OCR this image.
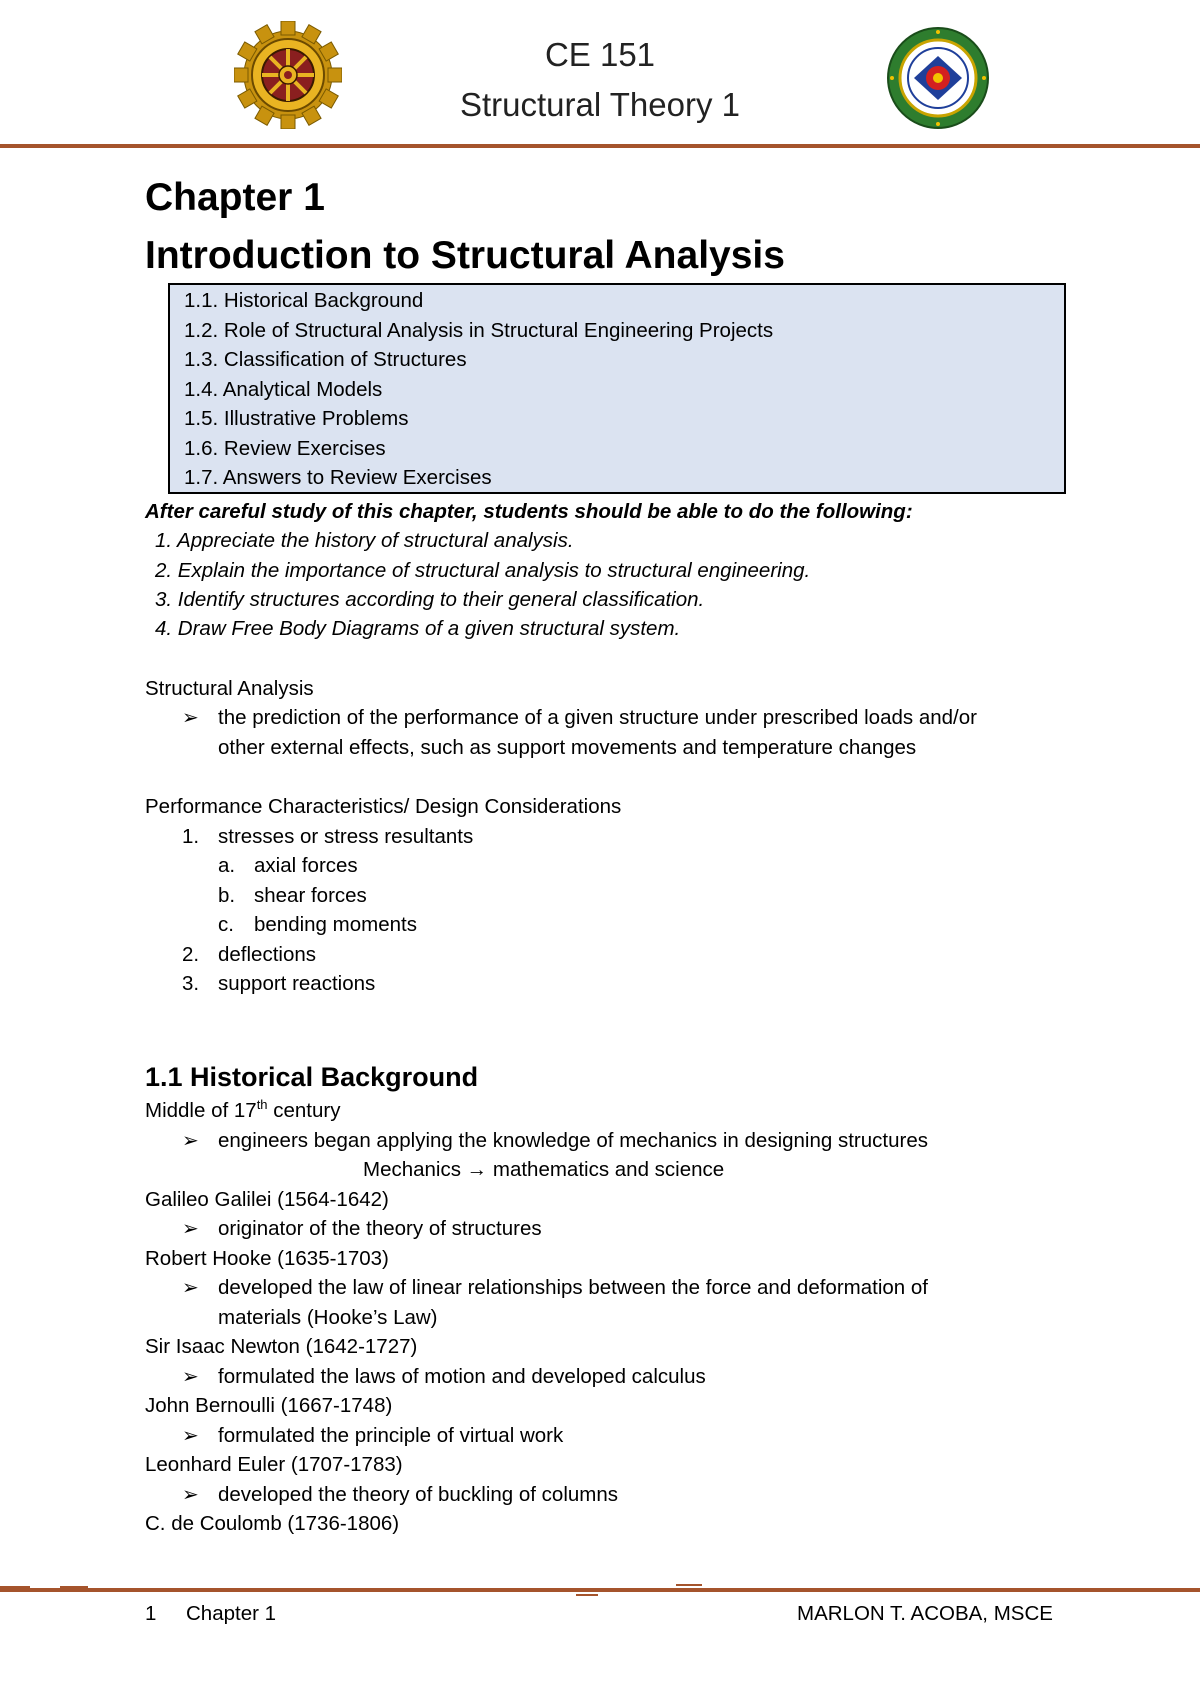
CE 151
Structural Theory 1
Chapter 1
Introduction to Structural Analysis
1.1. Historical Background
1.2. Role of Structural Analysis in Structural Engineering Projects
1.3. Classification of Structures
1.4. Analytical Models
1.5. Illustrative Problems
1.6. Review Exercises
1.7. Answers to Review Exercises
After careful study of this chapter, students should be able to do the following:
1. Appreciate the history of structural analysis.
2. Explain the importance of structural analysis to structural engineering.
3. Identify structures according to their general classification.
4. Draw Free Body Diagrams of a given structural system.
Structural Analysis
➢ the prediction of the performance of a given structure under prescribed loads and/or
other external effects, such as support movements and temperature changes
Performance Characteristics/ Design Considerations
1. stresses or stress resultants
a. axial forces
b. shear forces
c. bending moments
2. deflections
3. support reactions
1.1 Historical Background
Middle of 17th century
➢ engineers began applying the knowledge of mechanics in designing structures
Mechanics → mathematics and science
Galileo Galilei (1564-1642)
➢ originator of the theory of structures
Robert Hooke (1635-1703)
➢ developed the law of linear relationships between the force and deformation of
materials (Hooke’s Law)
Sir Isaac Newton (1642-1727)
➢ formulated the laws of motion and developed calculus
John Bernoulli (1667-1748)
➢ formulated the principle of virtual work
Leonhard Euler (1707-1783)
➢ developed the theory of buckling of columns
C. de Coulomb (1736-1806)
1 Chapter 1	MARLON T. ACOBA, MSCE
